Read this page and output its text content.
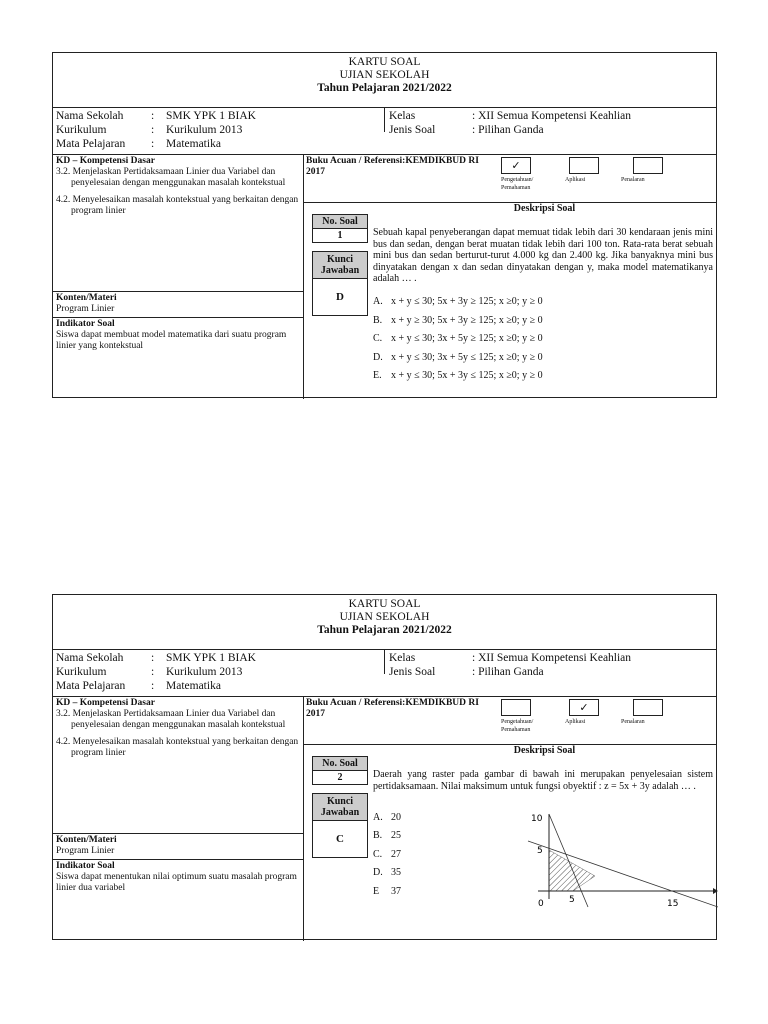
KARTU SOAL
UJIAN SEKOLAH
Tahun Pelajaran 2021/2022
Nama Sekolah : SMK YPK 1 BIAK
Kurikulum	: Kurikulum 2013
Mata Pelajaran : Matematika
Kelas	: XII Semua Kompetensi Keahlian
Jenis Soal	: Pilihan Ganda
KD – Kompetensi Dasar

3.2. Menjelaskan Pertidaksamaan Linier dua Variabel dan penyelesaian dengan menggunakan masalah kontekstual

4.2. Menyelesaikan masalah kontekstual yang berkaitan dengan program linier

Konten/Materi
Program Linier
Indikator Soal
Siswa dapat membuat model matematika dari suatu program linier yang kontekstual
Buku Acuan / Referensi:KEMDIKBUD RI 2017	✓
Pengetahuan/ Pemahaman
Aplikasi	Penalaran
Deskripsi Soal
No. Soal
1
Kunci Jawaban
D
Sebuah kapal penyeberangan dapat memuat tidak lebih dari 30 kendaraan jenis mini bus dan sedan, dengan berat muatan tidak lebih dari 100 ton. Rata-rata berat sebuah mini bus dan sedan berturut-turut 4.000 kg dan 2.400 kg. Jika banyaknya mini bus dinyatakan dengan x dan sedan dinyatakan dengan y, maka model matematikanya adalah … .
A. x + y ≤ 30; 5x + 3y ≥ 125; x ≥0; y ≥ 0
B. x + y ≥ 30; 5x + 3y ≥ 125; x ≥0; y ≥ 0
C. x + y ≤ 30; 3x + 5y ≥ 125; x ≥0; y ≥ 0
D. x + y ≤ 30; 3x + 5y ≤ 125; x ≥0; y ≥ 0
E. x + y ≤ 30; 5x + 3y ≤ 125; x ≥0; y ≥ 0
KARTU SOAL
UJIAN SEKOLAH
Tahun Pelajaran 2021/2022
Nama Sekolah : SMK YPK 1 BIAK
Kurikulum	: Kurikulum 2013
Mata Pelajaran : Matematika
Kelas	: XII Semua Kompetensi Keahlian
Jenis Soal	: Pilihan Ganda
KD – Kompetensi Dasar

3.2. Menjelaskan Pertidaksamaan Linier dua Variabel dan penyelesaian dengan menggunakan masalah kontekstual

4.2. Menyelesaikan masalah kontekstual yang berkaitan dengan program linier

Konten/Materi
Program Linier
Indikator Soal
Siswa dapat menentukan nilai optimum suatu masalah program linier dua variabel
Buku Acuan / Referensi:KEMDIKBUD RI 2017	✓
Pengetahuan/ Pemahaman
Aplikasi	Penalaran
Deskripsi Soal
No. Soal
2
Kunci Jawaban
C
Daerah yang raster pada gambar di bawah ini merupakan penyelesaian sistem pertidaksamaan. Nilai maksimum untuk fungsi obyektif : z = 5x + 3y adalah … .
A. 20
B. 25
C. 27
D. 35
E 37
10
5
0	5	15
